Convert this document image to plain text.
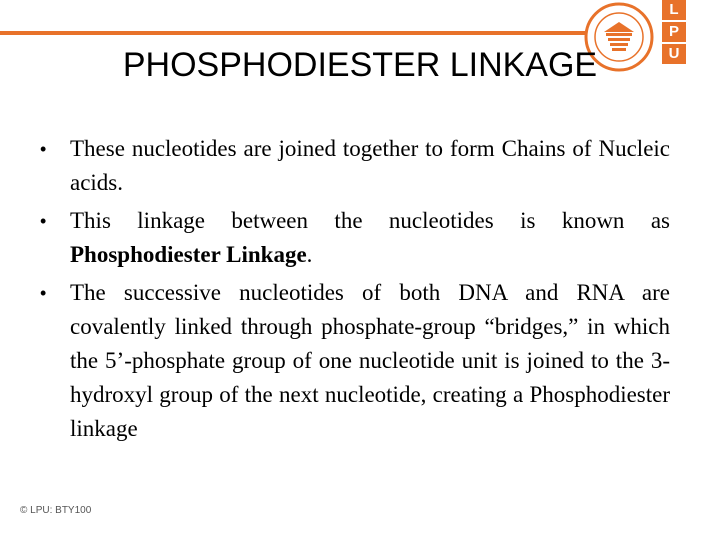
L
P
U
PHOSPHODIESTER LINKAGE
•	These nucleotides are joined together to form Chains of Nucleic acids.
•	This linkage between the nucleotides is known as Phosphodiester Linkage.
•	The successive nucleotides of both DNA and RNA are covalently linked through phosphate-group “bridges,” in which the 5’-phosphate group of one nucleotide unit is joined to the 3-hydroxyl group of the next nucleotide, creating a Phosphodiester linkage
© LPU: BTY100
